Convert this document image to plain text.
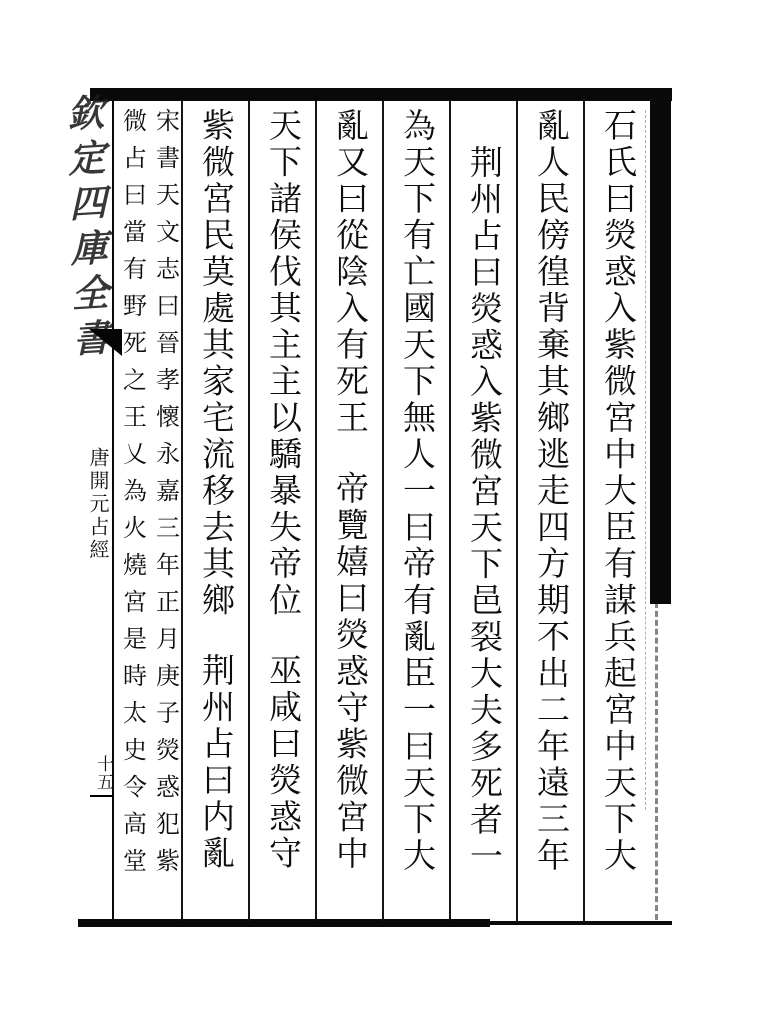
石氏曰熒惑入紫微宮中大臣有謀兵起宮中天下大
亂人民傍徨背棄其鄉逃走四方期不出二年遠三年
荆州占曰熒惑入紫微宮天下邑裂大夫多死者一
為天下有亡國天下無人一曰帝有亂臣一曰天下大
亂又曰從陰入有死王帝覽嬉曰熒惑守紫微宮中
天下諸侯伐其主主以驕暴失帝位巫咸曰熒惑守
紫微宮民莫處其家宅流移去其鄉荆州占曰内亂
宋書天文志曰晉孝懷永嘉三年正月庚子熒惑犯紫
微占曰當有野死之王乂為火燒宮是時太史令高堂
欽定四庫全書
唐開元占經
十五
